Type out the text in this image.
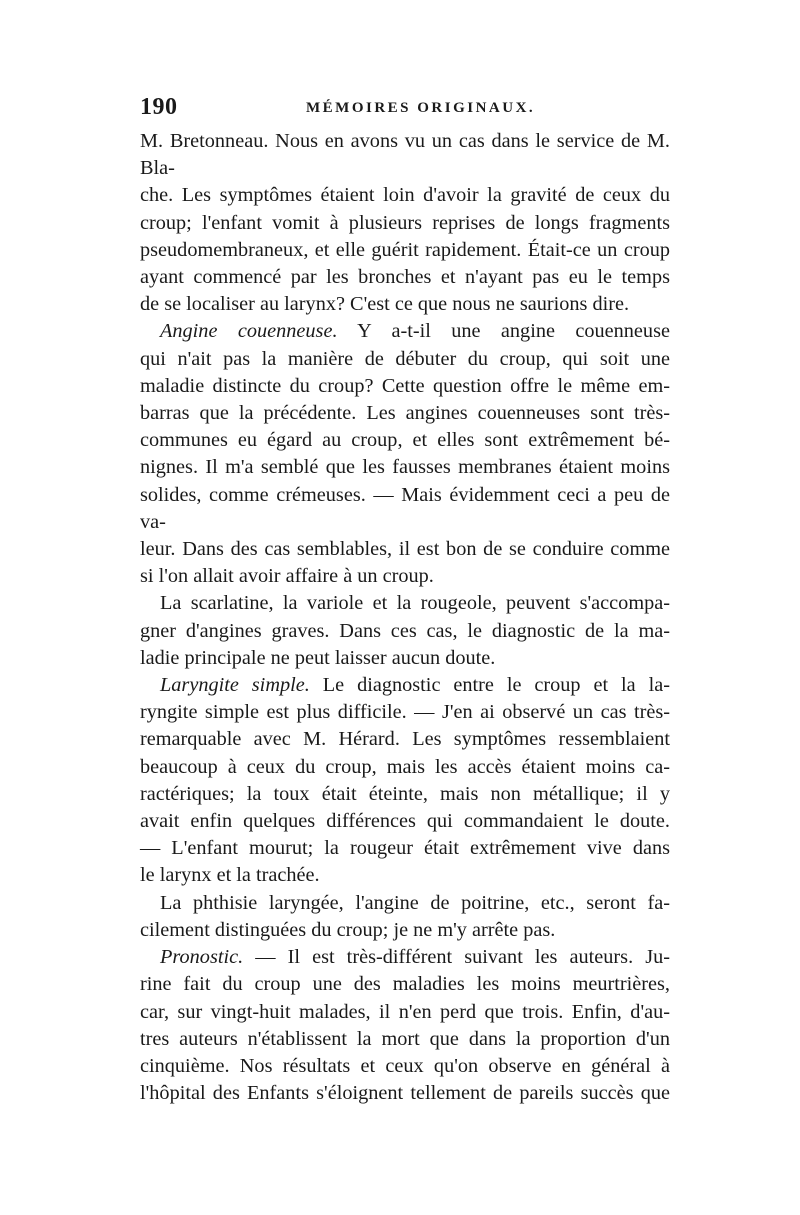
190	MÉMOIRES ORIGINAUX.

M. Bretonneau. Nous en avons vu un cas dans le service de M. Bla-
che. Les symptômes étaient loin d'avoir la gravité de ceux du
croup; l'enfant vomit à plusieurs reprises de longs fragments
pseudomembraneux, et elle guérit rapidement. Était-ce un croup
ayant commencé par les bronches et n'ayant pas eu le temps
de se localiser au larynx? C'est ce que nous ne saurions dire.

Angine couenneuse. Y a-t-il une angine couenneuse
qui n'ait pas la manière de débuter du croup, qui soit une
maladie distincte du croup? Cette question offre le même em-
barras que la précédente. Les angines couenneuses sont très-
communes eu égard au croup, et elles sont extrêmement bé-
nignes. Il m'a semblé que les fausses membranes étaient moins
solides, comme crémeuses. — Mais évidemment ceci a peu de va-
leur. Dans des cas semblables, il est bon de se conduire comme
si l'on allait avoir affaire à un croup.

La scarlatine, la variole et la rougeole, peuvent s'accompa-
gner d'angines graves. Dans ces cas, le diagnostic de la ma-
ladie principale ne peut laisser aucun doute.

Laryngite simple. Le diagnostic entre le croup et la la-
ryngite simple est plus difficile. — J'en ai observé un cas très-
remarquable avec M. Hérard. Les symptômes ressemblaient
beaucoup à ceux du croup, mais les accès étaient moins ca-
ractériques; la toux était éteinte, mais non métallique; il y
avait enfin quelques différences qui commandaient le doute.
— L'enfant mourut; la rougeur était extrêmement vive dans
le larynx et la trachée.

La phthisie laryngée, l'angine de poitrine, etc., seront fa-
cilement distinguées du croup; je ne m'y arrête pas.

Pronostic. — Il est très-différent suivant les auteurs. Ju-
rine fait du croup une des maladies les moins meurtrières,
car, sur vingt-huit malades, il n'en perd que trois. Enfin, d'au-
tres auteurs n'établissent la mort que dans la proportion d'un
cinquième. Nos résultats et ceux qu'on observe en général à
l'hôpital des Enfants s'éloignent tellement de pareils succès que
